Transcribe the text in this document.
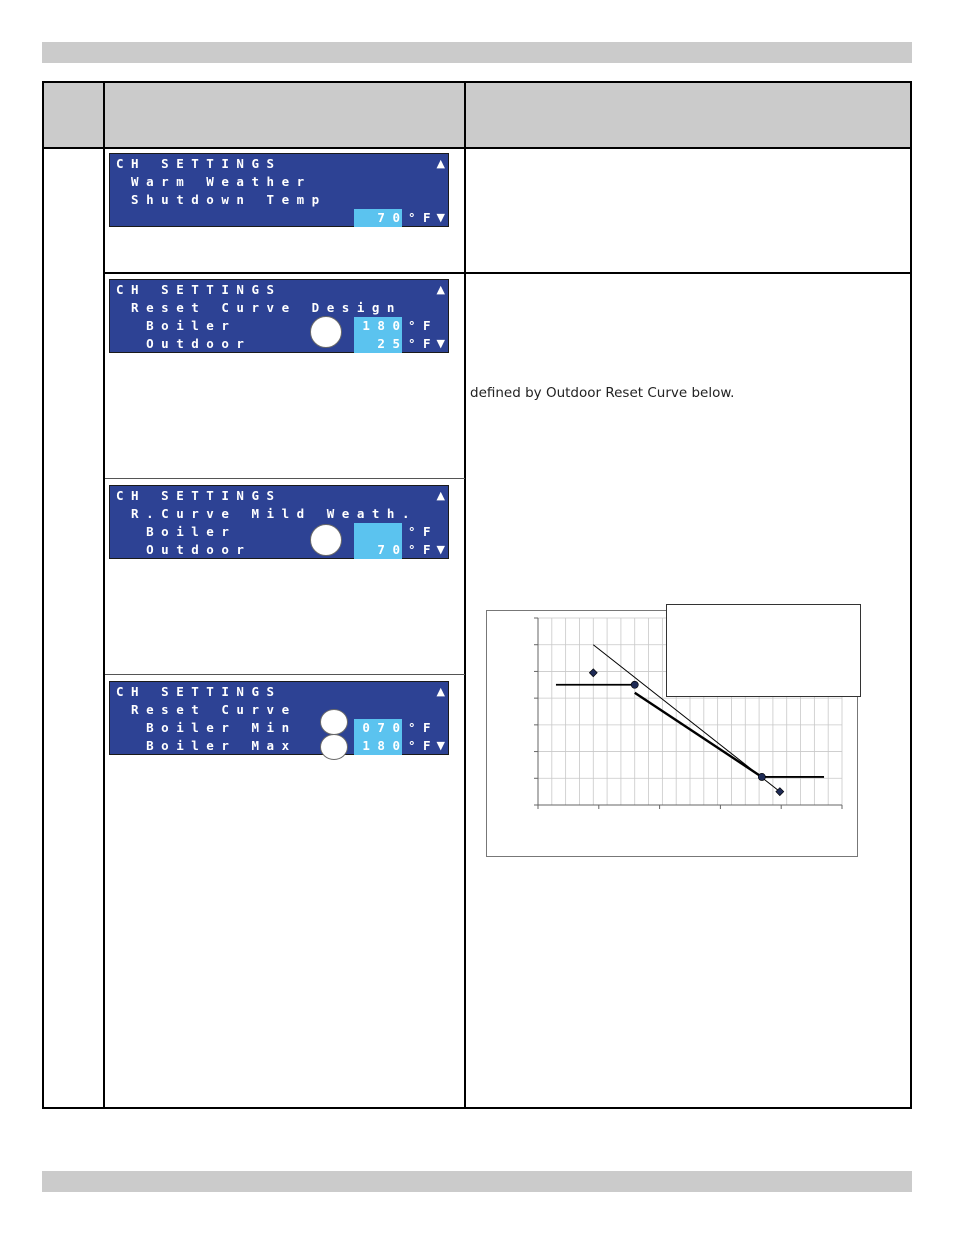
C H   S E T T I N G S
W a r m   W e a t h e r
S h u t d o w n   T e m p
7 0 ° F
▲
▼
C H   S E T T I N G S
R e s e t   C u r v e   D e s i g n
B o i l e r
O u t d o o r
1 8 0
2 5
° F
° F
▲
▼
C H   S E T T I N G S
R . C u r v e   M i l d   W e a t h .
B o i l e r
O u t d o o r	7 0
° F
° F
▲
▼
C H   S E T T I N G S
R e s e t   C u r v e
B o i l e r   M i n
B o i l e r   M a x
0 7 0
1 8 0
° F
° F
▲
▼
defined by Outdoor Reset Curve below.
